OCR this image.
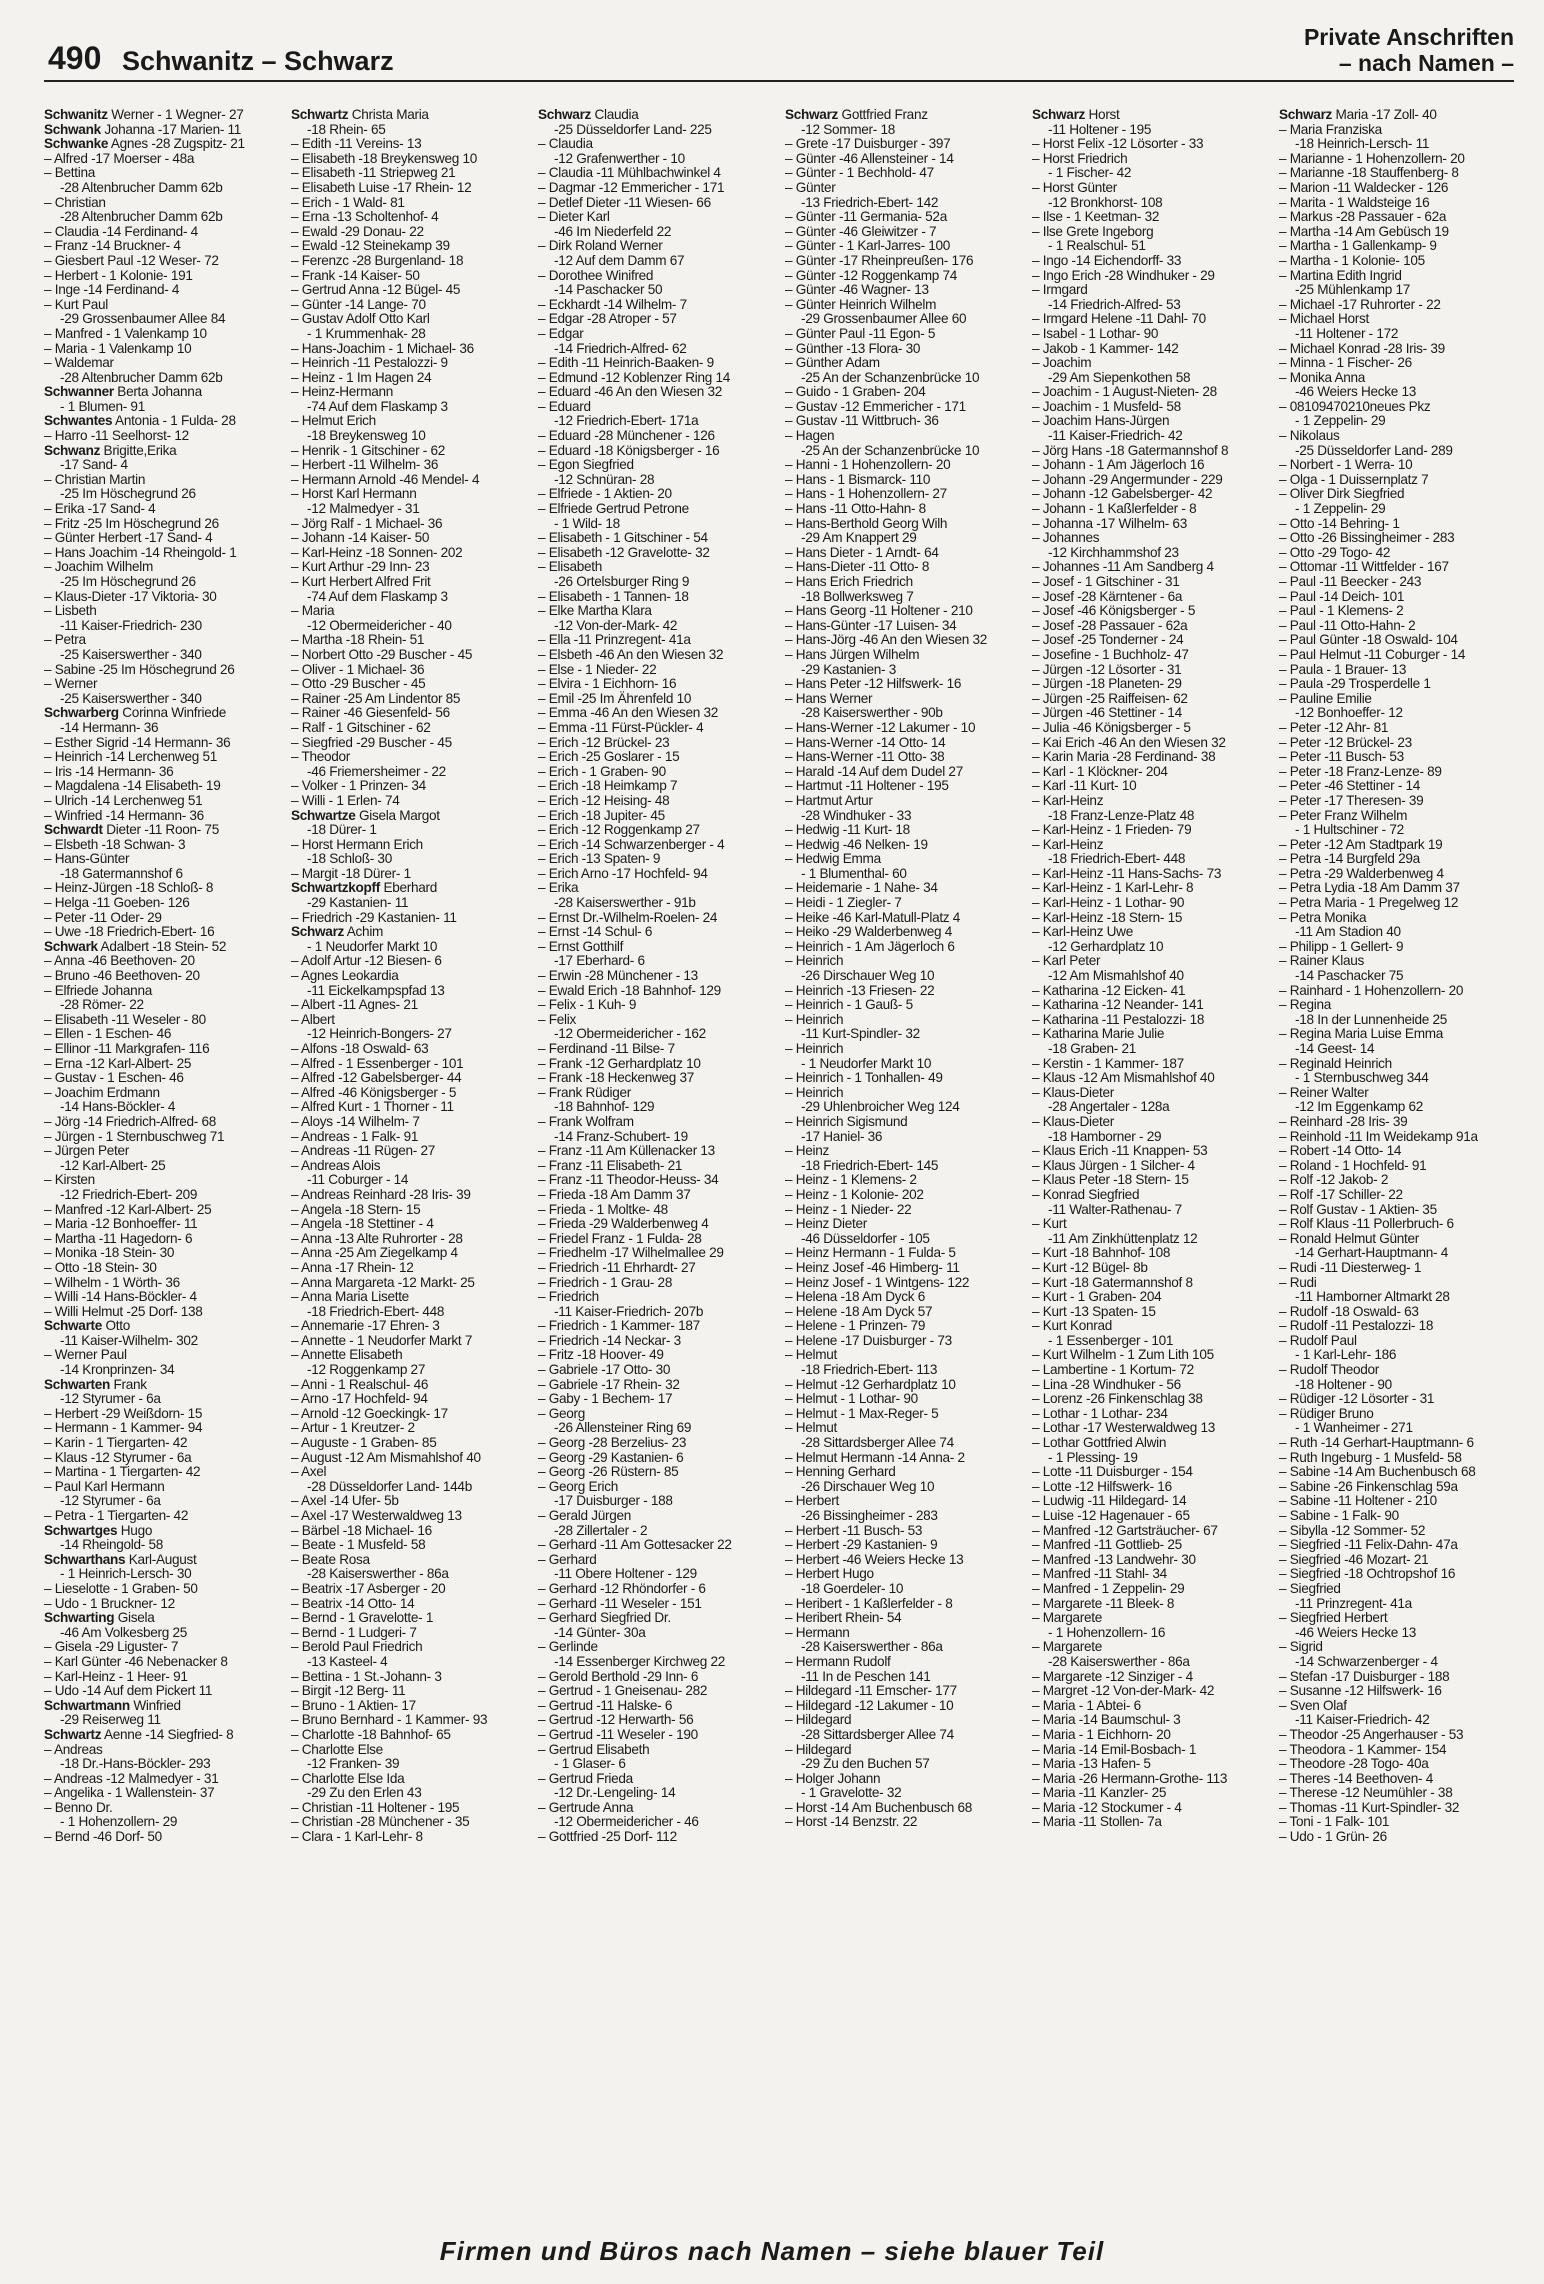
490 Schwanitz – Schwarz
Private Anschriften
– nach Namen –
Schwanitz Werner - 1 Wegner- 27
Schwank Johanna -17 Marien- 11
Schwanke Agnes -28 Zugspitz- 21
– Alfred -17 Moerser - 48a
– Bettina
-28 Altenbrucher Damm 62b
– Christian
-28 Altenbrucher Damm 62b
– Claudia -14 Ferdinand- 4
– Franz -14 Bruckner- 4
– Giesbert Paul -12 Weser- 72
– Herbert - 1 Kolonie- 191
– Inge -14 Ferdinand- 4
– Kurt Paul
-29 Grossenbaumer Allee 84
– Manfred - 1 Valenkamp 10
– Maria - 1 Valenkamp 10
– Waldemar
-28 Altenbrucher Damm 62b
Schwanner Berta Johanna
- 1 Blumen- 91
Schwantes Antonia - 1 Fulda- 28
– Harro -11 Seelhorst- 12
Schwanz Brigitte,Erika
-17 Sand- 4
– Christian Martin
-25 Im Höschegrund 26
– Erika -17 Sand- 4
– Fritz -25 Im Höschegrund 26
– Günter Herbert -17 Sand- 4
– Hans Joachim -14 Rheingold- 1
– Joachim Wilhelm
-25 Im Höschegrund 26
– Klaus-Dieter -17 Viktoria- 30
– Lisbeth
-11 Kaiser-Friedrich- 230
– Petra
-25 Kaiserswerther - 340
– Sabine -25 Im Höschegrund 26
– Werner
-25 Kaiserswerther - 340
Schwarberg Corinna Winfriede
-14 Hermann- 36
– Esther Sigrid -14 Hermann- 36
– Heinrich -14 Lerchenweg 51
– Iris -14 Hermann- 36
– Magdalena -14 Elisabeth- 19
– Ulrich -14 Lerchenweg 51
– Winfried -14 Hermann- 36
Schwardt Dieter -11 Roon- 75
– Elsbeth -18 Schwan- 3
– Hans-Günter
-18 Gatermannshof 6
– Heinz-Jürgen -18 Schloß- 8
– Helga -11 Goeben- 126
– Peter -11 Oder- 29
– Uwe -18 Friedrich-Ebert- 16
Schwark Adalbert -18 Stein- 52
– Anna -46 Beethoven- 20
– Bruno -46 Beethoven- 20
– Elfriede Johanna
-28 Römer- 22
– Elisabeth -11 Weseler - 80
– Ellen - 1 Eschen- 46
– Ellinor -11 Markgrafen- 116
– Erna -12 Karl-Albert- 25
– Gustav - 1 Eschen- 46
– Joachim Erdmann
-14 Hans-Böckler- 4
– Jörg -14 Friedrich-Alfred- 68
– Jürgen - 1 Sternbuschweg 71
– Jürgen Peter
-12 Karl-Albert- 25
– Kirsten
-12 Friedrich-Ebert- 209
– Manfred -12 Karl-Albert- 25
– Maria -12 Bonhoeffer- 11
– Martha -11 Hagedorn- 6
– Monika -18 Stein- 30
– Otto -18 Stein- 30
– Wilhelm - 1 Wörth- 36
– Willi -14 Hans-Böckler- 4
– Willi Helmut -25 Dorf- 138
Schwarte Otto
-11 Kaiser-Wilhelm- 302
– Werner Paul
-14 Kronprinzen- 34
Schwarten Frank
-12 Styrumer - 6a
– Herbert -29 Weißdorn- 15
– Hermann - 1 Kammer- 94
– Karin - 1 Tiergarten- 42
– Klaus -12 Styrumer - 6a
– Martina - 1 Tiergarten- 42
– Paul Karl Hermann
-12 Styrumer - 6a
– Petra - 1 Tiergarten- 42
Schwartges Hugo
-14 Rheingold- 58
Schwarthans Karl-August
- 1 Heinrich-Lersch- 30
– Lieselotte - 1 Graben- 50
– Udo - 1 Bruckner- 12
Schwarting Gisela
-46 Am Volkesberg 25
– Gisela -29 Liguster- 7
– Karl Günter -46 Nebenacker 8
– Karl-Heinz - 1 Heer- 91
– Udo -14 Auf dem Pickert 11
Schwartmann Winfried
-29 Reiserweg 11
Schwartz Aenne -14 Siegfried- 8
– Andreas
-18 Dr.-Hans-Böckler- 293
– Andreas -12 Malmedyer - 31
– Angelika - 1 Wallenstein- 37
– Benno Dr.
- 1 Hohenzollern- 29
– Bernd -46 Dorf- 50
Schwartz Christa Maria
-18 Rhein- 65
– Edith -11 Vereins- 13
– Elisabeth -18 Breykensweg 10
– Elisabeth -11 Striepweg 21
– Elisabeth Luise -17 Rhein- 12
– Erich - 1 Wald- 81
– Erna -13 Scholtenhof- 4
– Ewald -29 Donau- 22
– Ewald -12 Steinekamp 39
– Ferenzc -28 Burgenland- 18
– Frank -14 Kaiser- 50
– Gertrud Anna -12 Bügel- 45
– Günter -14 Lange- 70
– Gustav Adolf Otto Karl
- 1 Krummenhak- 28
– Hans-Joachim - 1 Michael- 36
– Heinrich -11 Pestalozzi- 9
– Heinz - 1 Im Hagen 24
– Heinz-Hermann
-74 Auf dem Flaskamp 3
– Helmut Erich
-18 Breykensweg 10
– Henrik - 1 Gitschiner - 62
– Herbert -11 Wilhelm- 36
– Hermann Arnold -46 Mendel- 4
– Horst Karl Hermann
-12 Malmedyer - 31
– Jörg Ralf - 1 Michael- 36
– Johann -14 Kaiser- 50
– Karl-Heinz -18 Sonnen- 202
– Kurt Arthur -29 Inn- 23
– Kurt Herbert Alfred Frit
-74 Auf dem Flaskamp 3
– Maria
-12 Obermeidericher - 40
– Martha -18 Rhein- 51
– Norbert Otto -29 Buscher - 45
– Oliver - 1 Michael- 36
– Otto -29 Buscher - 45
– Rainer -25 Am Lindentor 85
– Rainer -46 Giesenfeld- 56
– Ralf - 1 Gitschiner - 62
– Siegfried -29 Buscher - 45
– Theodor
-46 Friemersheimer - 22
– Volker - 1 Prinzen- 34
– Willi - 1 Erlen- 74
Schwartze Gisela Margot
-18 Dürer- 1
– Horst Hermann Erich
-18 Schloß- 30
– Margit -18 Dürer- 1
Schwartzkopff Eberhard
-29 Kastanien- 11
– Friedrich -29 Kastanien- 11
Schwarz Achim
- 1 Neudorfer Markt 10
– Adolf Artur -12 Biesen- 6
– Agnes Leokardia
-11 Eickelkampspfad 13
– Albert -11 Agnes- 21
– Albert
-12 Heinrich-Bongers- 27
– Alfons -18 Oswald- 63
– Alfred - 1 Essenberger - 101
– Alfred -12 Gabelsberger- 44
– Alfred -46 Königsberger - 5
– Alfred Kurt - 1 Thorner - 11
– Aloys -14 Wilhelm- 7
– Andreas - 1 Falk- 91
– Andreas -11 Rügen- 27
– Andreas Alois
-11 Coburger - 14
– Andreas Reinhard -28 Iris- 39
– Angela -18 Stern- 15
– Angela -18 Stettiner - 4
– Anna -13 Alte Ruhrorter - 28
– Anna -25 Am Ziegelkamp 4
– Anna -17 Rhein- 12
– Anna Margareta -12 Markt- 25
– Anna Maria Lisette
-18 Friedrich-Ebert- 448
– Annemarie -17 Ehren- 3
– Annette - 1 Neudorfer Markt 7
– Annette Elisabeth
-12 Roggenkamp 27
– Anni - 1 Realschul- 46
– Arno -17 Hochfeld- 94
– Arnold -12 Goeckingk- 17
– Artur - 1 Kreutzer- 2
– Auguste - 1 Graben- 85
– August -12 Am Mismahlshof 40
– Axel
-28 Düsseldorfer Land- 144b
– Axel -14 Ufer- 5b
– Axel -17 Westerwaldweg 13
– Bärbel -18 Michael- 16
– Beate - 1 Musfeld- 58
– Beate Rosa
-28 Kaiserswerther - 86a
– Beatrix -17 Asberger - 20
– Beatrix -14 Otto- 14
– Bernd - 1 Gravelotte- 1
– Bernd - 1 Ludgeri- 7
– Berold Paul Friedrich
-13 Kasteel- 4
– Bettina - 1 St.-Johann- 3
– Birgit -12 Berg- 11
– Bruno - 1 Aktien- 17
– Bruno Bernhard - 1 Kammer- 93
– Charlotte -18 Bahnhof- 65
– Charlotte Else
-12 Franken- 39
– Charlotte Else Ida
-29 Zu den Erlen 43
– Christian -11 Holtener - 195
– Christian -28 Münchener - 35
– Clara - 1 Karl-Lehr- 8
Schwarz Claudia
-25 Düsseldorfer Land- 225
– Claudia
-12 Grafenwerther - 10
– Claudia -11 Mühlbachwinkel 4
– Dagmar -12 Emmericher - 171
– Detlef Dieter -11 Wiesen- 66
– Dieter Karl
-46 Im Niederfeld 22
– Dirk Roland Werner
-12 Auf dem Damm 67
– Dorothee Winifred
-14 Paschacker 50
– Eckhardt -14 Wilhelm- 7
– Edgar -28 Atroper - 57
– Edgar
-14 Friedrich-Alfred- 62
– Edith -11 Heinrich-Baaken- 9
– Edmund -12 Koblenzer Ring 14
– Eduard -46 An den Wiesen 32
– Eduard
-12 Friedrich-Ebert- 171a
– Eduard -28 Münchener - 126
– Eduard -18 Königsberger - 16
– Egon Siegfried
-12 Schnüran- 28
– Elfriede - 1 Aktien- 20
– Elfriede Gertrud Petrone
- 1 Wild- 18
– Elisabeth - 1 Gitschiner - 54
– Elisabeth -12 Gravelotte- 32
– Elisabeth
-26 Ortelsburger Ring 9
– Elisabeth - 1 Tannen- 18
– Elke Martha Klara
-12 Von-der-Mark- 42
– Ella -11 Prinzregent- 41a
– Elsbeth -46 An den Wiesen 32
– Else - 1 Nieder- 22
– Elvira - 1 Eichhorn- 16
– Emil -25 Im Ährenfeld 10
– Emma -46 An den Wiesen 32
– Emma -11 Fürst-Pückler- 4
– Erich -12 Brückel- 23
– Erich -25 Goslarer - 15
– Erich - 1 Graben- 90
– Erich -18 Heimkamp 7
– Erich -12 Heising- 48
– Erich -18 Jupiter- 45
– Erich -12 Roggenkamp 27
– Erich -14 Schwarzenberger - 4
– Erich -13 Spaten- 9
– Erich Arno -17 Hochfeld- 94
– Erika
-28 Kaiserswerther - 91b
– Ernst Dr.-Wilhelm-Roelen- 24
– Ernst -14 Schul- 6
– Ernst Gotthilf
-17 Eberhard- 6
– Erwin -28 Münchener - 13
– Ewald Erich -18 Bahnhof- 129
– Felix - 1 Kuh- 9
– Felix
-12 Obermeidericher - 162
– Ferdinand -11 Bilse- 7
– Frank -12 Gerhardplatz 10
– Frank -18 Heckenweg 37
– Frank Rüdiger
-18 Bahnhof- 129
– Frank Wolfram
-14 Franz-Schubert- 19
– Franz -11 Am Küllenacker 13
– Franz -11 Elisabeth- 21
– Franz -11 Theodor-Heuss- 34
– Frieda -18 Am Damm 37
– Frieda - 1 Moltke- 48
– Frieda -29 Walderbenweg 4
– Friedel Franz - 1 Fulda- 28
– Friedhelm -17 Wilhelmallee 29
– Friedrich -11 Ehrhardt- 27
– Friedrich - 1 Grau- 28
– Friedrich
-11 Kaiser-Friedrich- 207b
– Friedrich - 1 Kammer- 187
– Friedrich -14 Neckar- 3
– Fritz -18 Hoover- 49
– Gabriele -17 Otto- 30
– Gabriele -17 Rhein- 32
– Gaby - 1 Bechem- 17
– Georg
-26 Allensteiner Ring 69
– Georg -28 Berzelius- 23
– Georg -29 Kastanien- 6
– Georg -26 Rüstern- 85
– Georg Erich
-17 Duisburger - 188
– Gerald Jürgen
-28 Zillertaler - 2
– Gerhard -11 Am Gottesacker 22
– Gerhard
-11 Obere Holtener - 129
– Gerhard -12 Rhöndorfer - 6
– Gerhard -11 Weseler - 151
– Gerhard Siegfried Dr.
-14 Günter- 30a
– Gerlinde
-14 Essenberger Kirchweg 22
– Gerold Berthold -29 Inn- 6
– Gertrud - 1 Gneisenau- 282
– Gertrud -11 Halske- 6
– Gertrud -12 Herwarth- 56
– Gertrud -11 Weseler - 190
– Gertrud Elisabeth
- 1 Glaser- 6
– Gertrud Frieda
-12 Dr.-Lengeling- 14
– Gertrude Anna
-12 Obermeidericher - 46
– Gottfried -25 Dorf- 112
Schwarz Gottfried Franz
-12 Sommer- 18
– Grete -17 Duisburger - 397
– Günter -46 Allensteiner - 14
– Günter - 1 Bechhold- 47
– Günter
-13 Friedrich-Ebert- 142
– Günter -11 Germania- 52a
– Günter -46 Gleiwitzer - 7
– Günter - 1 Karl-Jarres- 100
– Günter -17 Rheinpreußen- 176
– Günter -12 Roggenkamp 74
– Günter -46 Wagner- 13
– Günter Heinrich Wilhelm
-29 Grossenbaumer Allee 60
– Günter Paul -11 Egon- 5
– Günther -13 Flora- 30
– Günther Adam
-25 An der Schanzenbrücke 10
– Guido - 1 Graben- 204
– Gustav -12 Emmericher - 171
– Gustav -11 Wittbruch- 36
– Hagen
-25 An der Schanzenbrücke 10
– Hanni - 1 Hohenzollern- 20
– Hans - 1 Bismarck- 110
– Hans - 1 Hohenzollern- 27
– Hans -11 Otto-Hahn- 8
– Hans-Berthold Georg Wilh
-29 Am Knappert 29
– Hans Dieter - 1 Arndt- 64
– Hans-Dieter -11 Otto- 8
– Hans Erich Friedrich
-18 Bollwerksweg 7
– Hans Georg -11 Holtener - 210
– Hans-Günter -17 Luisen- 34
– Hans-Jörg -46 An den Wiesen 32
– Hans Jürgen Wilhelm
-29 Kastanien- 3
– Hans Peter -12 Hilfswerk- 16
– Hans Werner
-28 Kaiserswerther - 90b
– Hans-Werner -12 Lakumer - 10
– Hans-Werner -14 Otto- 14
– Hans-Werner -11 Otto- 38
– Harald -14 Auf dem Dudel 27
– Hartmut -11 Holtener - 195
– Hartmut Artur
-28 Windhuker - 33
– Hedwig -11 Kurt- 18
– Hedwig -46 Nelken- 19
– Hedwig Emma
- 1 Blumenthal- 60
– Heidemarie - 1 Nahe- 34
– Heidi - 1 Ziegler- 7
– Heike -46 Karl-Matull-Platz 4
– Heiko -29 Walderbenweg 4
– Heinrich - 1 Am Jägerloch 6
– Heinrich
-26 Dirschauer Weg 10
– Heinrich -13 Friesen- 22
– Heinrich - 1 Gauß- 5
– Heinrich
-11 Kurt-Spindler- 32
– Heinrich
- 1 Neudorfer Markt 10
– Heinrich - 1 Tonhallen- 49
– Heinrich
-29 Uhlenbroicher Weg 124
– Heinrich Sigismund
-17 Haniel- 36
– Heinz
-18 Friedrich-Ebert- 145
– Heinz - 1 Klemens- 2
– Heinz - 1 Kolonie- 202
– Heinz - 1 Nieder- 22
– Heinz Dieter
-46 Düsseldorfer - 105
– Heinz Hermann - 1 Fulda- 5
– Heinz Josef -46 Himberg- 11
– Heinz Josef - 1 Wintgens- 122
– Helena -18 Am Dyck 6
– Helene -18 Am Dyck 57
– Helene - 1 Prinzen- 79
– Helene -17 Duisburger - 73
– Helmut
-18 Friedrich-Ebert- 113
– Helmut -12 Gerhardplatz 10
– Helmut - 1 Lothar- 90
– Helmut - 1 Max-Reger- 5
– Helmut
-28 Sittardsberger Allee 74
– Helmut Hermann -14 Anna- 2
– Henning Gerhard
-26 Dirschauer Weg 10
– Herbert
-26 Bissingheimer - 283
– Herbert -11 Busch- 53
– Herbert -29 Kastanien- 9
– Herbert -46 Weiers Hecke 13
– Herbert Hugo
-18 Goerdeler- 10
– Heribert - 1 Kaßlerfelder - 8
– Heribert Rhein- 54
– Hermann
-28 Kaiserswerther - 86a
– Hermann Rudolf
-11 In de Peschen 141
– Hildegard -11 Emscher- 177
– Hildegard -12 Lakumer - 10
– Hildegard
-28 Sittardsberger Allee 74
– Hildegard
-29 Zu den Buchen 57
– Holger Johann
- 1 Gravelotte- 32
– Horst -14 Am Buchenbusch 68
– Horst -14 Benzstr. 22
Schwarz Horst
-11 Holtener - 195
– Horst Felix -12 Lösorter - 33
– Horst Friedrich
- 1 Fischer- 42
– Horst Günter
-12 Bronkhorst- 108
– Ilse - 1 Keetman- 32
– Ilse Grete Ingeborg
- 1 Realschul- 51
– Ingo -14 Eichendorff- 33
– Ingo Erich -28 Windhuker - 29
– Irmgard
-14 Friedrich-Alfred- 53
– Irmgard Helene -11 Dahl- 70
– Isabel - 1 Lothar- 90
– Jakob - 1 Kammer- 142
– Joachim
-29 Am Siepenkothen 58
– Joachim - 1 August-Nieten- 28
– Joachim - 1 Musfeld- 58
– Joachim Hans-Jürgen
-11 Kaiser-Friedrich- 42
– Jörg Hans -18 Gatermannshof 8
– Johann - 1 Am Jägerloch 16
– Johann -29 Angermunder - 229
– Johann -12 Gabelsberger- 42
– Johann - 1 Kaßlerfelder - 8
– Johanna -17 Wilhelm- 63
– Johannes
-12 Kirchhammshof 23
– Johannes -11 Am Sandberg 4
– Josef - 1 Gitschiner - 31
– Josef -28 Kärntener - 6a
– Josef -46 Königsberger - 5
– Josef -28 Passauer - 62a
– Josef -25 Tonderner - 24
– Josefine - 1 Buchholz- 47
– Jürgen -12 Lösorter - 31
– Jürgen -18 Planeten- 29
– Jürgen -25 Raiffeisen- 62
– Jürgen -46 Stettiner - 14
– Julia -46 Königsberger - 5
– Kai Erich -46 An den Wiesen 32
– Karin Maria -28 Ferdinand- 38
– Karl - 1 Klöckner- 204
– Karl -11 Kurt- 10
– Karl-Heinz
-18 Franz-Lenze-Platz 48
– Karl-Heinz - 1 Frieden- 79
– Karl-Heinz
-18 Friedrich-Ebert- 448
– Karl-Heinz -11 Hans-Sachs- 73
– Karl-Heinz - 1 Karl-Lehr- 8
– Karl-Heinz - 1 Lothar- 90
– Karl-Heinz -18 Stern- 15
– Karl-Heinz Uwe
-12 Gerhardplatz 10
– Karl Peter
-12 Am Mismahlshof 40
– Katharina -12 Eicken- 41
– Katharina -12 Neander- 141
– Katharina -11 Pestalozzi- 18
– Katharina Marie Julie
-18 Graben- 21
– Kerstin - 1 Kammer- 187
– Klaus -12 Am Mismahlshof 40
– Klaus-Dieter
-28 Angertaler - 128a
– Klaus-Dieter
-18 Hamborner - 29
– Klaus Erich -11 Knappen- 53
– Klaus Jürgen - 1 Silcher- 4
– Klaus Peter -18 Stern- 15
– Konrad Siegfried
-11 Walter-Rathenau- 7
– Kurt
-11 Am Zinkhüttenplatz 12
– Kurt -18 Bahnhof- 108
– Kurt -12 Bügel- 8b
– Kurt -18 Gatermannshof 8
– Kurt - 1 Graben- 204
– Kurt -13 Spaten- 15
– Kurt Konrad
- 1 Essenberger - 101
– Kurt Wilhelm - 1 Zum Lith 105
– Lambertine - 1 Kortum- 72
– Lina -28 Windhuker - 56
– Lorenz -26 Finkenschlag 38
– Lothar - 1 Lothar- 234
– Lothar -17 Westerwaldweg 13
– Lothar Gottfried Alwin
- 1 Plessing- 19
– Lotte -11 Duisburger - 154
– Lotte -12 Hilfswerk- 16
– Ludwig -11 Hildegard- 14
– Luise -12 Hagenauer - 65
– Manfred -12 Gartsträucher- 67
– Manfred -11 Gottlieb- 25
– Manfred -13 Landwehr- 30
– Manfred -11 Stahl- 34
– Manfred - 1 Zeppelin- 29
– Margarete -11 Bleek- 8
– Margarete
- 1 Hohenzollern- 16
– Margarete
-28 Kaiserswerther - 86a
– Margarete -12 Sinziger - 4
– Margret -12 Von-der-Mark- 42
– Maria - 1 Abtei- 6
– Maria -14 Baumschul- 3
– Maria - 1 Eichhorn- 20
– Maria -14 Emil-Bosbach- 1
– Maria -13 Hafen- 5
– Maria -26 Hermann-Grothe- 113
– Maria -11 Kanzler- 25
– Maria -12 Stockumer - 4
– Maria -11 Stollen- 7a
Schwarz Maria -17 Zoll- 40
– Maria Franziska
-18 Heinrich-Lersch- 11
– Marianne - 1 Hohenzollern- 20
– Marianne -18 Stauffenberg- 8
– Marion -11 Waldecker - 126
– Marita - 1 Waldsteige 16
– Markus -28 Passauer - 62a
– Martha -14 Am Gebüsch 19
– Martha - 1 Gallenkamp- 9
– Martha - 1 Kolonie- 105
– Martina Edith Ingrid
-25 Mühlenkamp 17
– Michael -17 Ruhrorter - 22
– Michael Horst
-11 Holtener - 172
– Michael Konrad -28 Iris- 39
– Minna - 1 Fischer- 26
– Monika Anna
-46 Weiers Hecke 13
– 08109470210neues Pkz
- 1 Zeppelin- 29
– Nikolaus
-25 Düsseldorfer Land- 289
– Norbert - 1 Werra- 10
– Olga - 1 Duissernplatz 7
– Oliver Dirk Siegfried
- 1 Zeppelin- 29
– Otto -14 Behring- 1
– Otto -26 Bissingheimer - 283
– Otto -29 Togo- 42
– Ottomar -11 Wittfelder - 167
– Paul -11 Beecker - 243
– Paul -14 Deich- 101
– Paul - 1 Klemens- 2
– Paul -11 Otto-Hahn- 2
– Paul Günter -18 Oswald- 104
– Paul Helmut -11 Coburger - 14
– Paula - 1 Brauer- 13
– Paula -29 Trosperdelle 1
– Pauline Emilie
-12 Bonhoeffer- 12
– Peter -12 Ahr- 81
– Peter -12 Brückel- 23
– Peter -11 Busch- 53
– Peter -18 Franz-Lenze- 89
– Peter -46 Stettiner - 14
– Peter -17 Theresen- 39
– Peter Franz Wilhelm
- 1 Hultschiner - 72
– Peter -12 Am Stadtpark 19
– Petra -14 Burgfeld 29a
– Petra -29 Walderbenweg 4
– Petra Lydia -18 Am Damm 37
– Petra Maria - 1 Pregelweg 12
– Petra Monika
-11 Am Stadion 40
– Philipp - 1 Gellert- 9
– Rainer Klaus
-14 Paschacker 75
– Rainhard - 1 Hohenzollern- 20
– Regina
-18 In der Lunnenheide 25
– Regina Maria Luise Emma
-14 Geest- 14
– Reginald Heinrich
- 1 Sternbuschweg 344
– Reiner Walter
-12 Im Eggenkamp 62
– Reinhard -28 Iris- 39
– Reinhold -11 Im Weidekamp 91a
– Robert -14 Otto- 14
– Roland - 1 Hochfeld- 91
– Rolf -12 Jakob- 2
– Rolf -17 Schiller- 22
– Rolf Gustav - 1 Aktien- 35
– Rolf Klaus -11 Pollerbruch- 6
– Ronald Helmut Günter
-14 Gerhart-Hauptmann- 4
– Rudi -11 Diesterweg- 1
– Rudi
-11 Hamborner Altmarkt 28
– Rudolf -18 Oswald- 63
– Rudolf -11 Pestalozzi- 18
– Rudolf Paul
- 1 Karl-Lehr- 186
– Rudolf Theodor
-18 Holtener - 90
– Rüdiger -12 Lösorter - 31
– Rüdiger Bruno
- 1 Wanheimer - 271
– Ruth -14 Gerhart-Hauptmann- 6
– Ruth Ingeburg - 1 Musfeld- 58
– Sabine -14 Am Buchenbusch 68
– Sabine -26 Finkenschlag 59a
– Sabine -11 Holtener - 210
– Sabine - 1 Falk- 90
– Sibylla -12 Sommer- 52
– Siegfried -11 Felix-Dahn- 47a
– Siegfried -46 Mozart- 21
– Siegfried -18 Ochtropshof 16
– Siegfried
-11 Prinzregent- 41a
– Siegfried Herbert
-46 Weiers Hecke 13
– Sigrid
-14 Schwarzenberger - 4
– Stefan -17 Duisburger - 188
– Susanne -12 Hilfswerk- 16
– Sven Olaf
-11 Kaiser-Friedrich- 42
– Theodor -25 Angerhauser - 53
– Theodora - 1 Kammer- 154
– Theodore -28 Togo- 40a
– Theres -14 Beethoven- 4
– Therese -12 Neumühler - 38
– Thomas -11 Kurt-Spindler- 32
– Toni - 1 Falk- 101
– Udo - 1 Grün- 26
Firmen und Büros nach Namen – siehe blauer Teil
